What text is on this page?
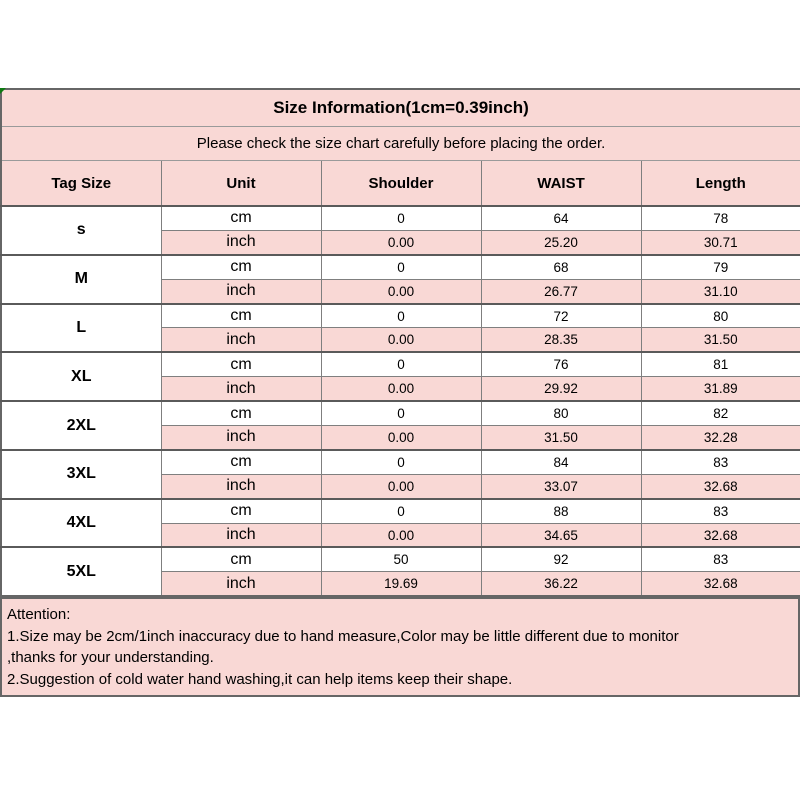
Size Information(1cm=0.39inch)				
Please check the size chart carefully before placing the order.				
Tag Size	Unit	Shoulder	WAIST	Length
s	cm	0	64	78
	inch	0.00	25.20	30.71
M	cm	0	68	79
	inch	0.00	26.77	31.10
L	cm	0	72	80
	inch	0.00	28.35	31.50
XL	cm	0	76	81
	inch	0.00	29.92	31.89
2XL	cm	0	80	82
	inch	0.00	31.50	32.28
3XL	cm	0	84	83
	inch	0.00	33.07	32.68
4XL	cm	0	88	83
	inch	0.00	34.65	32.68
5XL	cm	50	92	83
	inch	19.69	36.22	32.68
Attention:
1.Size may be 2cm/1inch inaccuracy due to hand measure,Color may be little different due to monitor
,thanks for your understanding.
2.Suggestion of cold water hand washing,it can help items keep their shape.
